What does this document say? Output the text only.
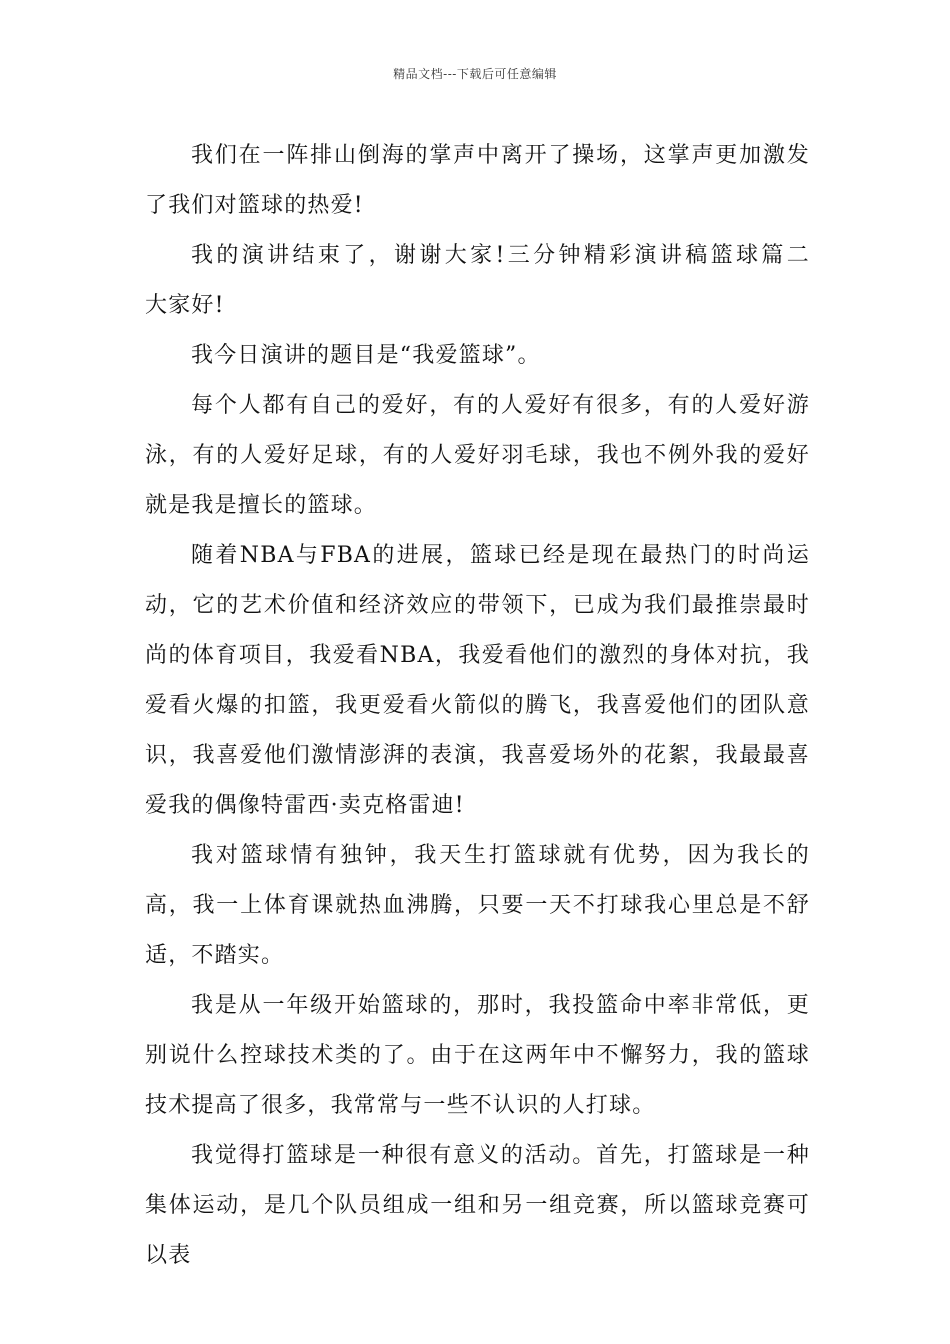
精品文档---下载后可任意编辑

我们在一阵排山倒海的掌声中离开了操场，这掌声更加激发了我们对篮球的热爱!

我的演讲结束了，谢谢大家!三分钟精彩演讲稿篮球篇二　　大家好!

我今日演讲的题目是“我爱篮球”。

每个人都有自己的爱好，有的人爱好有很多，有的人爱好游泳，有的人爱好足球，有的人爱好羽毛球，我也不例外我的爱好就是我是擅长的篮球。

随着NBA与FBA的进展，篮球已经是现在最热门的时尚运动，它的艺术价值和经济效应的带领下，已成为我们最推崇最时尚的体育项目，我爱看NBA，我爱看他们的激烈的身体对抗，我爱看火爆的扣篮，我更爱看火箭似的腾飞，我喜爱他们的团队意识，我喜爱他们激情澎湃的表演，我喜爱场外的花絮，我最最喜爱我的偶像特雷西·卖克格雷迪!

我对篮球情有独钟，我天生打篮球就有优势，因为我长的高，我一上体育课就热血沸腾，只要一天不打球我心里总是不舒适，不踏实。

我是从一年级开始篮球的，那时，我投篮命中率非常低，更别说什么控球技术类的了。由于在这两年中不懈努力，我的篮球技术提高了很多，我常常与一些不认识的人打球。

我觉得打篮球是一种很有意义的活动。首先，打篮球是一种集体运动，是几个队员组成一组和另一组竞赛，所以篮球竞赛可以表
